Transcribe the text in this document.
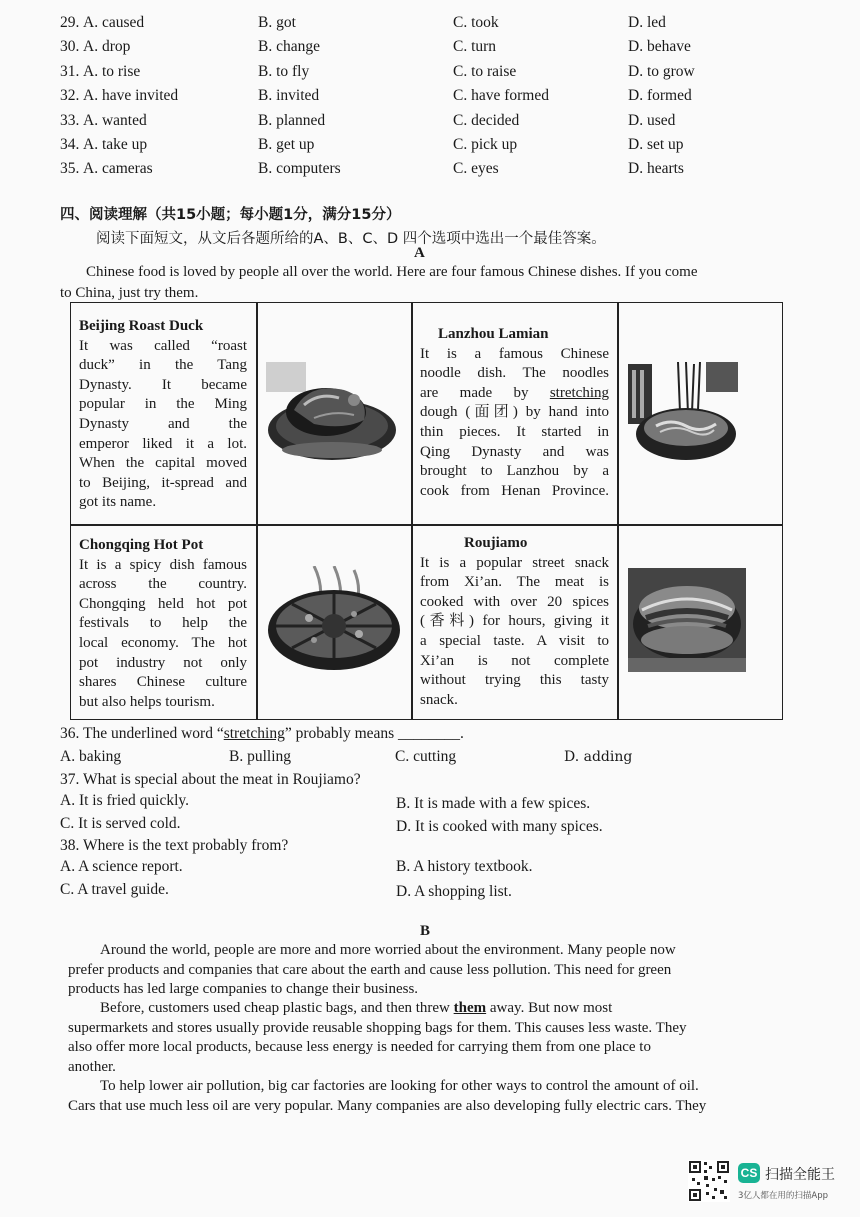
29. A. caused	B. got	C. took	D. led
30. A. drop	B. change	C. turn	D. behave
31. A. to rise	B. to fly	C. to raise	D. to grow
32. A. have invited	B. invited	C. have formed	D. formed
33. A. wanted	B. planned	C. decided	D. used
34. A. take up	B. get up	C. pick up	D. set up
35. A. cameras	B. computers	C. eyes	D. hearts
四、阅读理解（共15小题；每小题1分，满分15分）
阅读下面短文，从文后各题所给的A、B、C、D 四个选项中选出一个最佳答案。
A
Chinese food is loved by people all over the world. Here are four famous Chinese dishes. If you come
to China, just try them.
Beijing Roast Duck
It was called “roast
duck” in the Tang
Dynasty. It became
popular in the Ming
Dynasty and the
emperor liked it a lot.
When the capital moved
to Beijing, it-spread and
got its name.
Lanzhou Lamian
It is a famous Chinese
noodle dish. The noodles
are made by stretching
dough (面团) by hand into
thin pieces. It started in
Qing Dynasty and was
brought to Lanzhou by a
cook from Henan Province.
Chongqing Hot Pot
It is a spicy dish famous
across the country.
Chongqing held hot pot
festivals to help the
local economy. The hot
pot industry not only
shares Chinese culture
but also helps tourism.
Roujiamo
It is a popular street snack
from Xi’an. The meat is
cooked with over 20 spices
(香料) for hours, giving it
a special taste. A visit to
Xi’an is not complete
without trying this tasty
snack.
36. The underlined word “stretching” probably means ________.
A. baking	B. pulling	C. cutting	D. adding
37. What is special about the meat in Roujiamo?
A. It is fried quickly.	B. It is made with a few spices.
C. It is served cold.	D. It is cooked with many spices.
38. Where is the text probably from?
A. A science report.	B. A history textbook.
C. A travel guide.	D. A shopping list.
B
Around the world, people are more and more worried about the environment. Many people now
prefer products and companies that care about the earth and cause less pollution. This need for green
products has led large companies to change their business.
Before, customers used cheap plastic bags, and then threw them away. But now most
supermarkets and stores usually provide reusable shopping bags for them. This causes less waste. They
also offer more local products, because less energy is needed for carrying them from one place to
another.
To help lower air pollution, big car factories are looking for other ways to control the amount of oil.
Cars that use much less oil are very popular. Many companies are also developing fully electric cars. They
CS 扫描全能王
3亿人都在用的扫描App
